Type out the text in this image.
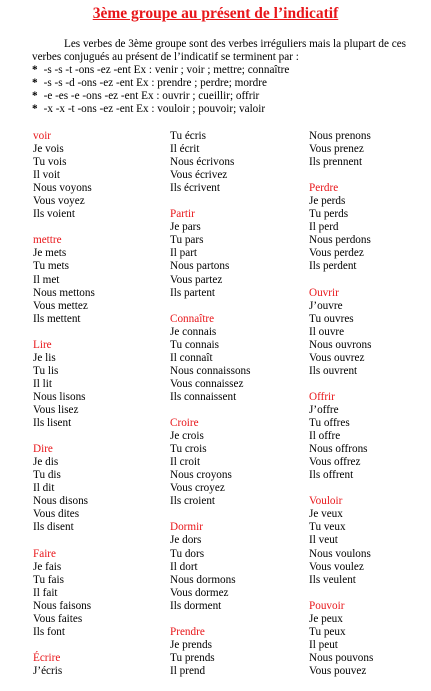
3ème groupe au présent de l’indicatif

Les verbes de 3ème groupe sont des verbes irréguliers mais la plupart de ces verbes conjugués au présent de l’indicatif se terminent par :

* -s -s -t -ons -ez -ent Ex : venir ; voir ; mettre; connaître
* -s -s -d -ons -ez -ent Ex : prendre ; perdre; mordre
* -e -es -e -ons -ez -ent Ex : ouvrir ; cueillir; offrir
* -x -x -t -ons -ez -ent Ex : vouloir ; pouvoir; valoir
voir
Je vois
Tu vois
Il voit
Nous voyons
Vous voyez
Ils voient
mettre
Je mets
Tu mets
Il met
Nous mettons
Vous mettez
Ils mettent
Lire
Je lis
Tu lis
Il lit
Nous lisons
Vous lisez
Ils lisent
Dire
Je dis
Tu dis
Il dit
Nous disons
Vous dites
Ils disent
Faire
Je fais
Tu fais
Il fait
Nous faisons
Vous faites
Ils font
Écrire
J’écris
Tu écris
Il écrit
Nous écrivons
Vous écrivez
Ils écrivent
Partir
Je pars
Tu pars
Il part
Nous partons
Vous partez
Ils partent
Connaître
Je connais
Tu connais
Il connaît
Nous connaissons
Vous connaissez
Ils connaissent
Croire
Je crois
Tu crois
Il croit
Nous croyons
Vous croyez
Ils croient
Dormir
Je dors
Tu dors
Il dort
Nous dormons
Vous dormez
Ils dorment
Prendre
Je prends
Tu prends
Il prend
Nous prenons
Vous prenez
Ils prennent
Perdre
Je perds
Tu perds
Il perd
Nous perdons
Vous perdez
Ils perdent
Ouvrir
J’ouvre
Tu ouvres
Il ouvre
Nous ouvrons
Vous ouvrez
Ils ouvrent
Offrir
J’offre
Tu offres
Il offre
Nous offrons
Vous offrez
Ils offrent
Vouloir
Je veux
Tu veux
Il veut
Nous voulons
Vous voulez
Ils veulent
Pouvoir
Je peux
Tu peux
Il peut
Nous pouvons
Vous pouvez
